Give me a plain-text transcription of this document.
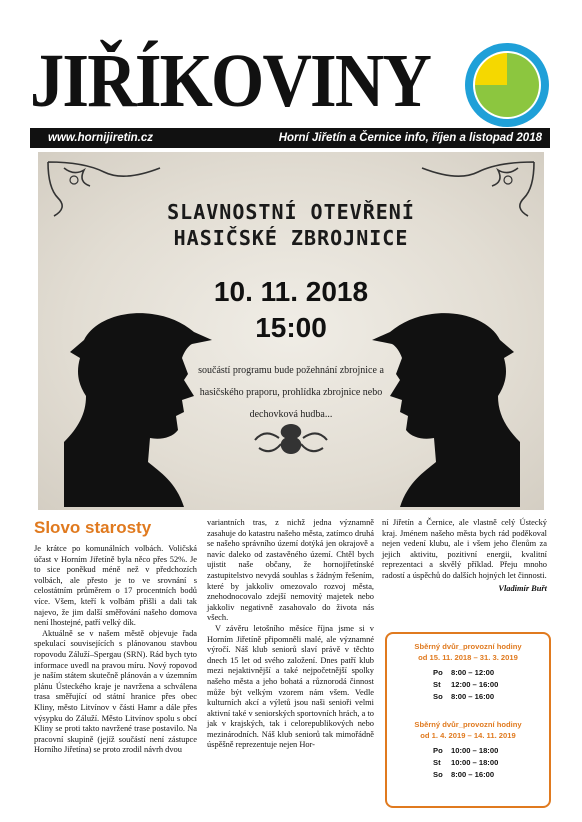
JIŘÍKOVINY
www.hornijiretin.cz	Horní Jiřetín a Černice info, říjen a listopad 2018
SLAVNOSTNÍ OTEVŘENÍ
HASIČSKÉ ZBROJNICE
10. 11. 2018
15:00
součástí programu bude požehnání zbrojnice a hasičského praporu, prohlídka zbrojnice nebo dechovková hudba...
Slovo starosty

Je krátce po komunálních volbách. Voličská účast v Horním Jiřetíně byla něco přes 52%. Je to sice poněkud méně než v předchozích volbách, ale přesto je to ve srovnání s celostátním průměrem o 17 procentních bodů více. Všem, kteří k volbám přišli a dali tak najevo, že jim další směřování našeho domova není lhostejné, patří velký dík.

Aktuálně se v našem městě objevuje řada spekulací souvisejících s plánovanou stavbou ropovodu Záluží–Spergau (SRN). Rád bych tyto informace uvedl na pravou míru. Nový ropovod je naším státem skutečně plánován a v územním plánu Ústeckého kraje je navržena a schválena trasa směřující od státní hranice přes obec Kliny, město Litvínov v části Hamr a dále přes výsypku do Záluží. Město Litvínov spolu s obcí Kliny se proti takto navržené trase postavilo. Na pracovní skupině (jejíž součástí není zástupce Horního Jiřetína) se proto zrodil návrh dvou

variantních tras, z nichž jedna významně zasahuje do katastru našeho města, zatímco druhá se našeho správního území dotýká jen okrajově a navíc daleko od zastavěného území. Chtěl bych ujistit naše občany, že hornojiřetínské zastupitelstvo nevydá souhlas s žádným řešením, které by jakkoliv omezovalo rozvoj města, znehodnocovalo zdejší nemovitý majetek nebo jakkoliv negativně zasahovalo do života nás všech.

V závěru letošního měsíce října jsme si v Horním Jiřetíně připomněli malé, ale významné výročí. Náš klub seniorů slaví právě v těchto dnech 15 let od svého založení. Dnes patří klub mezi nejaktivnější a také nejpočetnější spolky našeho města a jeho bohatá a různorodá činnost může být velkým vzorem nám všem. Vedle kulturních akcí a výletů jsou naši senioři velmi aktivní také v seniorských sportovních hrách, a to jak v krajských, tak i celorepublikových nebo mezinárodních. Náš klub seniorů tak mimořádně úspěšně reprezentuje nejen Hor-

ní Jiřetín a Černice, ale vlastně celý Ústecký kraj. Jménem našeho města bych rád poděkoval nejen vedení klubu, ale i všem jeho členům za jejich aktivitu, pozitivní energii, kvalitní reprezentaci a skvělý příklad. Přeju mnoho radostí a úspěchů do dalších hojných let činnosti.

Vladimír Buřt
Sběrný dvůr_provozní hodiny
od 15. 11. 2018 – 31. 3. 2019
Po 8:00 – 12:00
St 12:00 – 16:00
So 8:00 – 16:00
Sběrný dvůr_provozní hodiny
od 1. 4. 2019 – 14. 11. 2019
Po 10:00 – 18:00
St 10:00 – 18:00
So 8:00 – 16:00
